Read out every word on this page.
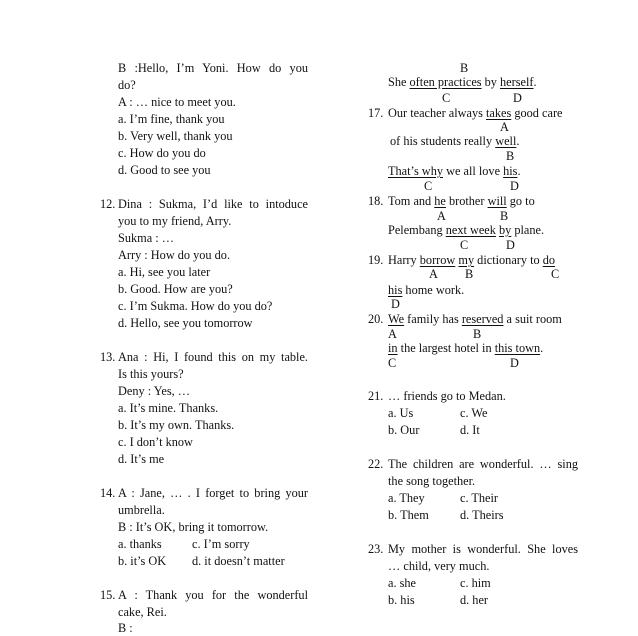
B :Hello, I’m Yoni. How do you
do?
A : … nice to meet you.
a. I’m fine, thank you
b. Very well, thank you
c. How do you do
d. Good to see you
12. Dina : Sukma, I’d like to intoduce
you to my friend, Arry.
Sukma : …
Arry : How do you do.
a. Hi, see you later
b. Good. How are you?
c. I’m Sukma. How do you do?
d. Hello, see you tomorrow
13. Ana : Hi, I found this on my table.
Is this yours?
Deny : Yes, …
a. It’s mine. Thanks.
b. It’s my own. Thanks.
c. I don’t know
d. It’s me
14. A : Jane, … . I forget to bring your
umbrella.
B : It’s OK, bring it tomorrow.
a. thanks c. I’m sorry
b. it’s OK d. it doesn’t matter
15. A : Thank you for the wonderful
cake, Rei.
B :
B
She often practices by herself.
C	D
17. Our teacher always takes good care
A
of his students really well.
B
That’s why we all love his.
C	D
18. Tom and he brother will go to
A	B
Pelembang next week by plane.
C	D
19. Harry borrow my dictionary to do
A B	C
his home work.
D
20. We family has reserved a suit room
A	B
in the largest hotel in this town.
C	D
21. … friends go to Medan.
a. Us	c. We
b. Our	d. It
22. The children are wonderful. … sing
the song together.
a. They	c. Their
b. Them	d. Theirs
23. My mother is wonderful. She loves
… child, very much.
a. she	c. him
b. his	d. her
